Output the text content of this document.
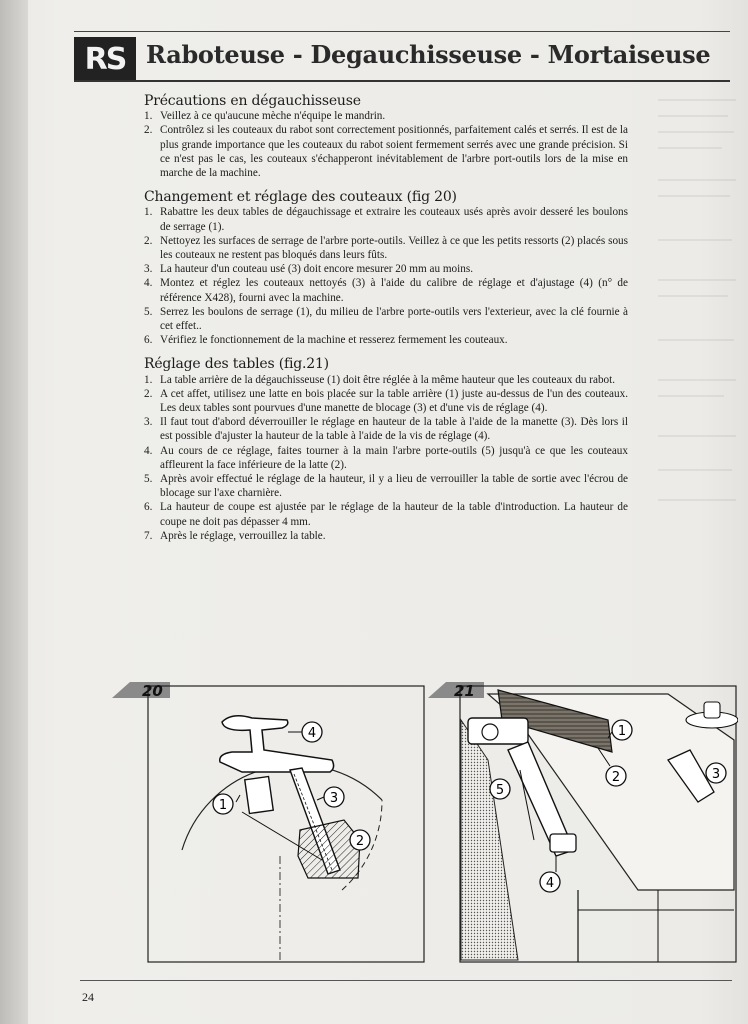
RS Raboteuse - Degauchisseuse - Mortaiseuse
Précautions en dégauchisseuse
1. Veillez à ce qu'aucune mèche n'équipe le mandrin.
2. Contrôlez si les couteaux du rabot sont correctement positionnés, parfaitement calés et serrés. Il est de la plus grande importance que les couteaux du rabot soient fermement serrés avec une grande précision. Si ce n'est pas le cas, les couteaux s'échapperont inévitablement de l'arbre port-outils lors de la mise en marche de la machine.
Changement et réglage des couteaux (fig 20)
1. Rabattre les deux tables de dégauchissage et extraire les couteaux usés après avoir desseré les boulons de serrage (1).
2. Nettoyez les surfaces de serrage de l'arbre porte-outils. Veillez à ce que les petits ressorts (2) placés sous les couteaux ne restent pas bloqués dans leurs fûts.
3. La hauteur d'un couteau usé (3) doit encore mesurer 20 mm au moins.
4. Montez et réglez les couteaux nettoyés (3) à l'aide du calibre de réglage et d'ajustage (4) (n° de référence X428), fourni avec la machine.
5. Serrez les boulons de serrage (1), du milieu de l'arbre porte-outils vers l'exterieur, avec la clé fournie à cet effet..
6. Vérifiez le fonctionnement de la machine et resserez fermement les couteaux.
Réglage des tables (fig.21)
1. La table arrière de la dégauchisseuse (1) doit être réglée à la même hauteur que les couteaux du rabot.
2. A cet affet, utilisez une latte en bois placée sur la table arrière (1) juste au-dessus de l'un des couteaux. Les deux tables sont pourvues d'une manette de blocage (3) et d'une vis de réglage (4).
3. Il faut tout d'abord déverrouiller le réglage en hauteur de la table à l'aide de la manette (3). Dès lors il est possible d'ajuster la hauteur de la table à l'aide de la vis de réglage (4).
4. Au cours de ce réglage, faites tourner à la main l'arbre porte-outils (5) jusqu'à ce que les couteaux affleurent la face inférieure de la latte (2).
5. Après avoir effectué le réglage de la hauteur, il y a lieu de verrouiller la table de sortie avec l'écrou de blocage sur l'axe charnière.
6. La hauteur de coupe est ajustée par le réglage de la hauteur de la table d'introduction. La hauteur de coupe ne doit pas dépasser 4 mm.
7. Après le réglage, verrouillez la table.
1
2
3
4
20
1
2	3
4
5
21
24
